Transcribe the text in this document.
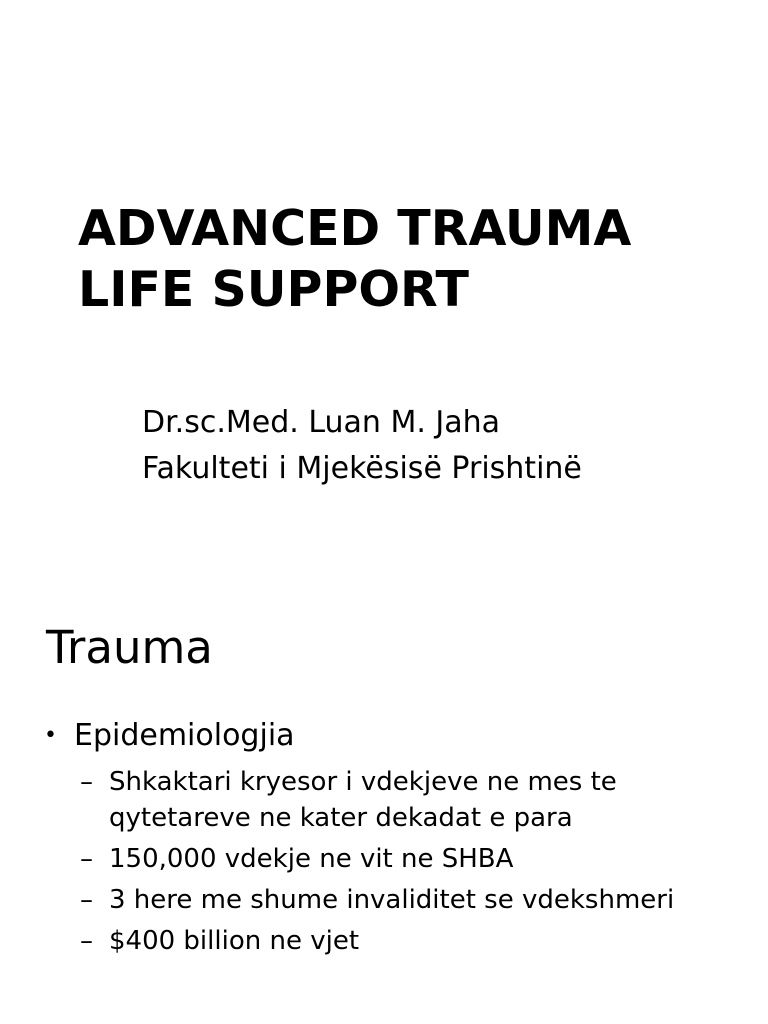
ADVANCED TRAUMA
LIFE SUPPORT
Dr.sc.Med. Luan M. Jaha
Fakulteti i Mjekësisë Prishtinë
Trauma
• Epidemiologjia
– Shkaktari kryesor i vdekjeve ne mes te qytetareve ne kater dekadat e para
– 150,000 vdekje ne vit ne SHBA
– 3 here me shume invaliditet se vdekshmeri
– $400 billion ne vjet
